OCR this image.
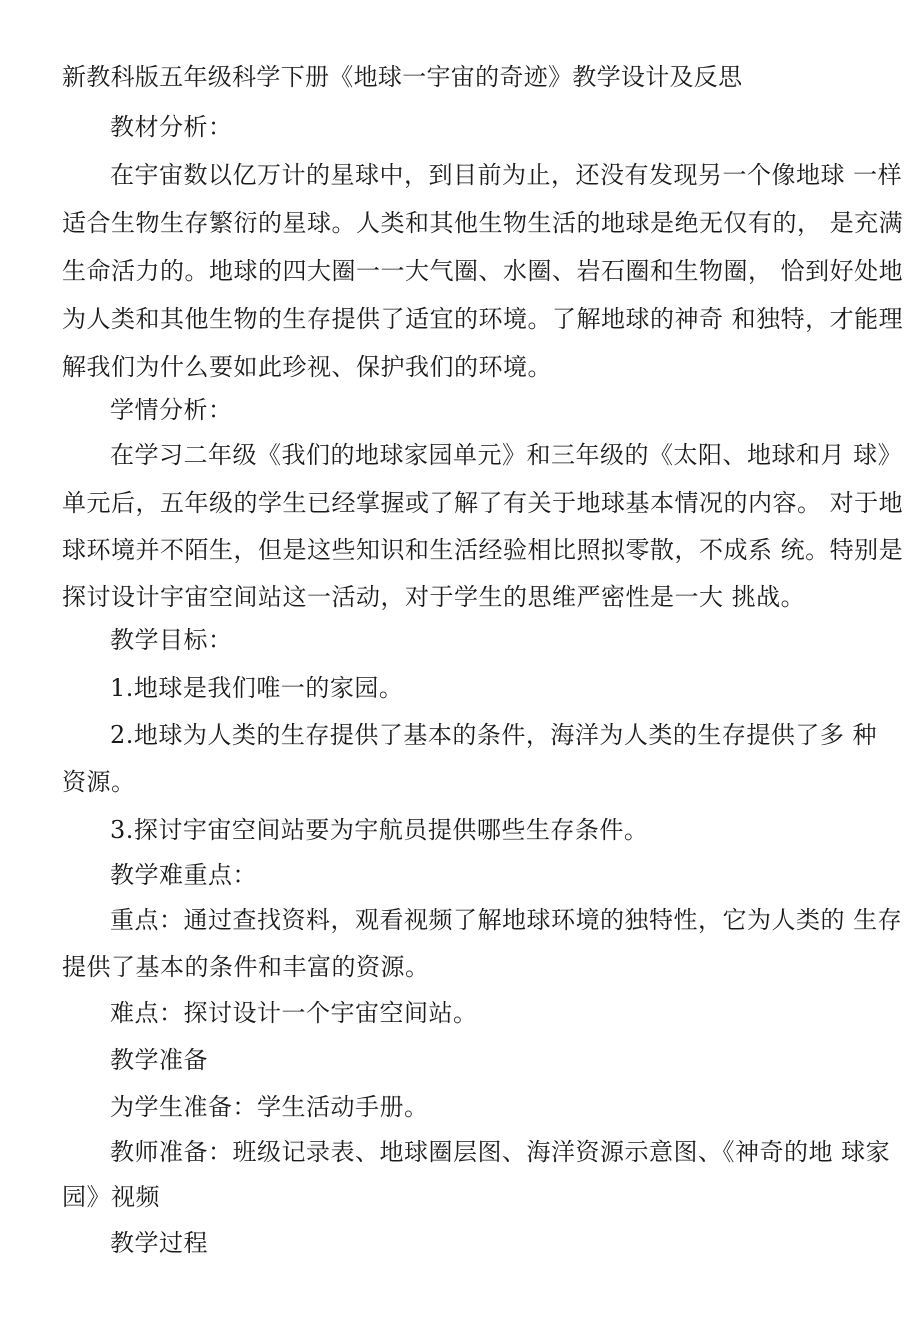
新教科版五年级科学下册《地球一宇宙的奇迹》教学设计及反思
教材分析：
在宇宙数以亿万计的星球中，到目前为止，还没有发现另一个像地球 一样
适合生物生存繁衍的星球。人类和其他生物生活的地球是绝无仅有的， 是充满
生命活力的。地球的四大圈一一大气圈、水圈、岩石圈和生物圈， 恰到好处地
为人类和其他生物的生存提供了适宜的环境。了解地球的神奇 和独特，才能理
解我们为什么要如此珍视、保护我们的环境。
学情分析：
在学习二年级《我们的地球家园单元》和三年级的《太阳、地球和月 球》
单元后，五年级的学生已经掌握或了解了有关于地球基本情况的内容。 对于地
球环境并不陌生，但是这些知识和生活经验相比照拟零散，不成系 统。特别是
探讨设计宇宙空间站这一活动，对于学生的思维严密性是一大 挑战。
教学目标：
1.地球是我们唯一的家园。
2.地球为人类的生存提供了基本的条件，海洋为人类的生存提供了多 种
资源。
3.探讨宇宙空间站要为宇航员提供哪些生存条件。
教学难重点：
重点：通过查找资料，观看视频了解地球环境的独特性，它为人类的 生存
提供了基本的条件和丰富的资源。
难点：探讨设计一个宇宙空间站。
教学准备
为学生准备：学生活动手册。
教师准备：班级记录表、地球圈层图、海洋资源示意图、《神奇的地 球家
园》视频
教学过程
